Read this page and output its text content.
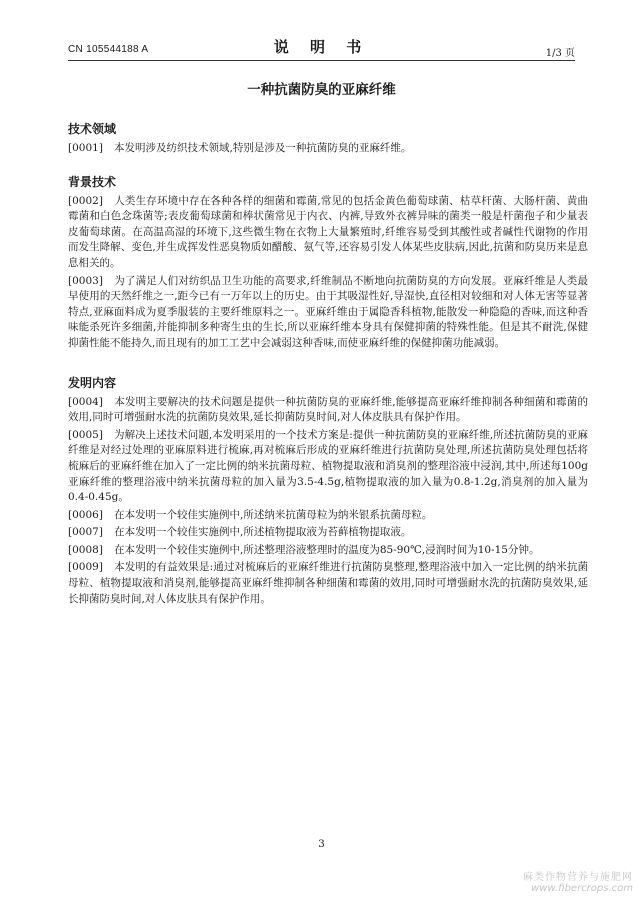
CN 105544188 A	说 明 书	1/3 页
一种抗菌防臭的亚麻纤维
技术领域

[0001] 本发明涉及纺织技术领域,特别是涉及一种抗菌防臭的亚麻纤维。

背景技术

[0002] 人类生存环境中存在各种各样的细菌和霉菌,常见的包括金黄色葡萄球菌、枯草杆菌、大肠杆菌、黄曲霉菌和白色念珠菌等;表皮葡萄球菌和棒状菌常见于内衣、内裤,导致外衣裤异味的菌类一般是杆菌孢子和少量表皮葡萄球菌。在高温高湿的环境下,这些微生物在衣物上大量繁殖时,纤维容易受到其酸性或者碱性代谢物的作用而发生降解、变色,并生成挥发性恶臭物质如醋酸、氨气等,还容易引发人体某些皮肤病,因此,抗菌和防臭历来是息息相关的。

[0003] 为了满足人们对纺织品卫生功能的高要求,纤维制品不断地向抗菌防臭的方向发展。亚麻纤维是人类最早使用的天然纤维之一,距今已有一万年以上的历史。由于其吸湿性好,导湿快,直径相对较细和对人体无害等显著特点,亚麻面料成为夏季服装的主要纤维原料之一。亚麻纤维由于属隐香科植物,能散发一种隐隐的香味,而这种香味能杀死许多细菌,并能抑制多种寄生虫的生长,所以亚麻纤维本身具有保健抑菌的特殊性能。但是其不耐洗,保健抑菌性能不能持久,而且现有的加工工艺中会减弱这种香味,而使亚麻纤维的保健抑菌功能减弱。

发明内容

[0004] 本发明主要解决的技术问题是提供一种抗菌防臭的亚麻纤维,能够提高亚麻纤维抑制各种细菌和霉菌的效用,同时可增强耐水洗的抗菌防臭效果,延长抑菌防臭时间,对人体皮肤具有保护作用。

[0005] 为解决上述技术问题,本发明采用的一个技术方案是:提供一种抗菌防臭的亚麻纤维,所述抗菌防臭的亚麻纤维是对经过处理的亚麻原料进行梳麻,再对梳麻后形成的亚麻纤维进行抗菌防臭处理,所述抗菌防臭处理包括将梳麻后的亚麻纤维在加入了一定比例的纳米抗菌母粒、植物提取液和消臭剂的整理浴液中浸润,其中,所述每100g亚麻纤维的整理浴液中纳米抗菌母粒的加入量为3.5-4.5g,植物提取液的加入量为0.8-1.2g,消臭剂的加入量为0.4-0.45g。

[0006] 在本发明一个较佳实施例中,所述纳米抗菌母粒为纳米银系抗菌母粒。

[0007] 在本发明一个较佳实施例中,所述植物提取液为苔藓植物提取液。

[0008] 在本发明一个较佳实施例中,所述整理浴液整理时的温度为85-90℃,浸润时间为10-15分钟。

[0009] 本发明的有益效果是:通过对梳麻后的亚麻纤维进行抗菌防臭整理,整理浴液中加入一定比例的纳米抗菌母粒、植物提取液和消臭剂,能够提高亚麻纤维抑制各种细菌和霉菌的效用,同时可增强耐水洗的抗菌防臭效果,延长抑菌防臭时间,对人体皮肤具有保护作用。

3
麻类作物营养与施肥网
www.fibercrops.com
